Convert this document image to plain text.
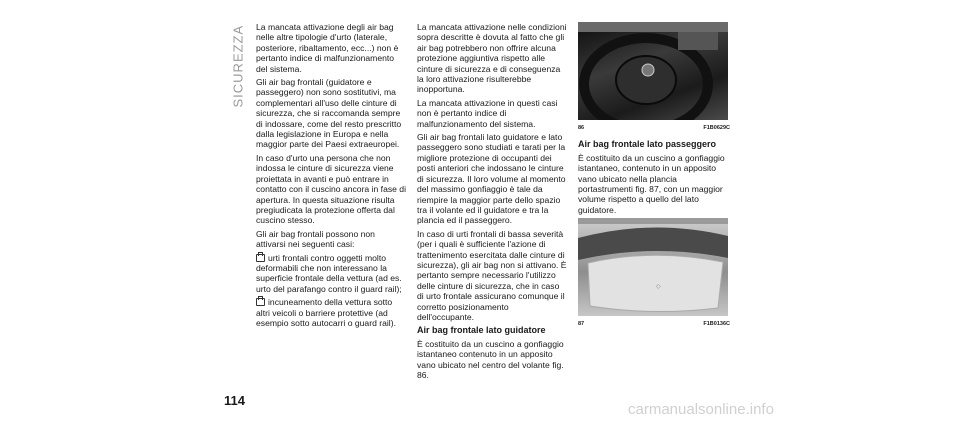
SICUREZZA La mancata attivazione degli air bag nelle altre tipologie d'urto (laterale, posteriore, ribaltamento, ecc...) non è pertanto indice di malfunzionamento del sistema.

Gli air bag frontali (guidatore e passeggero) non sono sostitutivi, ma complementari all'uso delle cinture di sicurezza, che si raccomanda sempre di indossare, come del resto prescritto dalla legislazione in Europa e nella maggior parte dei Paesi extraeuropei.

In caso d'urto una persona che non indossa le cinture di sicurezza viene proiettata in avanti e può entrare in contatto con il cuscino ancora in fase di apertura. In questa situazione risulta pregiudicata la protezione offerta dal cuscino stesso.

Gli air bag frontali possono non attivarsi nei seguenti casi:

urti frontali contro oggetti molto deformabili che non interessano la superficie frontale della vettura (ad es. urto del parafango contro il guard rail);

incuneamento della vettura sotto altri veicoli o barriere protettive (ad esempio sotto autocarri o guard rail).

La mancata attivazione nelle condizioni sopra descritte è dovuta al fatto che gli air bag potrebbero non offrire alcuna protezione aggiuntiva rispetto alle cinture di sicurezza e di conseguenza la loro attivazione risulterebbe inopportuna.

La mancata attivazione in questi casi non è pertanto indice di malfunzionamento del sistema.

Gli air bag frontali lato guidatore e lato passeggero sono studiati e tarati per la migliore protezione di occupanti dei posti anteriori che indossano le cinture di sicurezza. Il loro volume al momento del massimo gonfiaggio è tale da riempire la maggior parte dello spazio tra il volante ed il guidatore e tra la plancia ed il passeggero.

In caso di urti frontali di bassa severità (per i quali è sufficiente l'azione di trattenimento esercitata dalle cinture di sicurezza), gli air bag non si attivano. È pertanto sempre necessario l'utilizzo delle cinture di sicurezza, che in caso di urto frontale assicurano comunque il corretto posizionamento dell'occupante.

Air bag frontale lato guidatore

È costituito da un cuscino a gonfiaggio istantaneo contenuto in un apposito vano ubicato nel centro del volante fig. 86.

86	F1B0629C

Air bag frontale lato passeggero

È costituito da un cuscino a gonfiaggio istantaneo, contenuto in un apposito vano ubicato nella plancia portastrumenti fig. 87, con un maggior volume rispetto a quello del lato guidatore.

◇
87	F1B0136C
114
carmanualsonline.info
